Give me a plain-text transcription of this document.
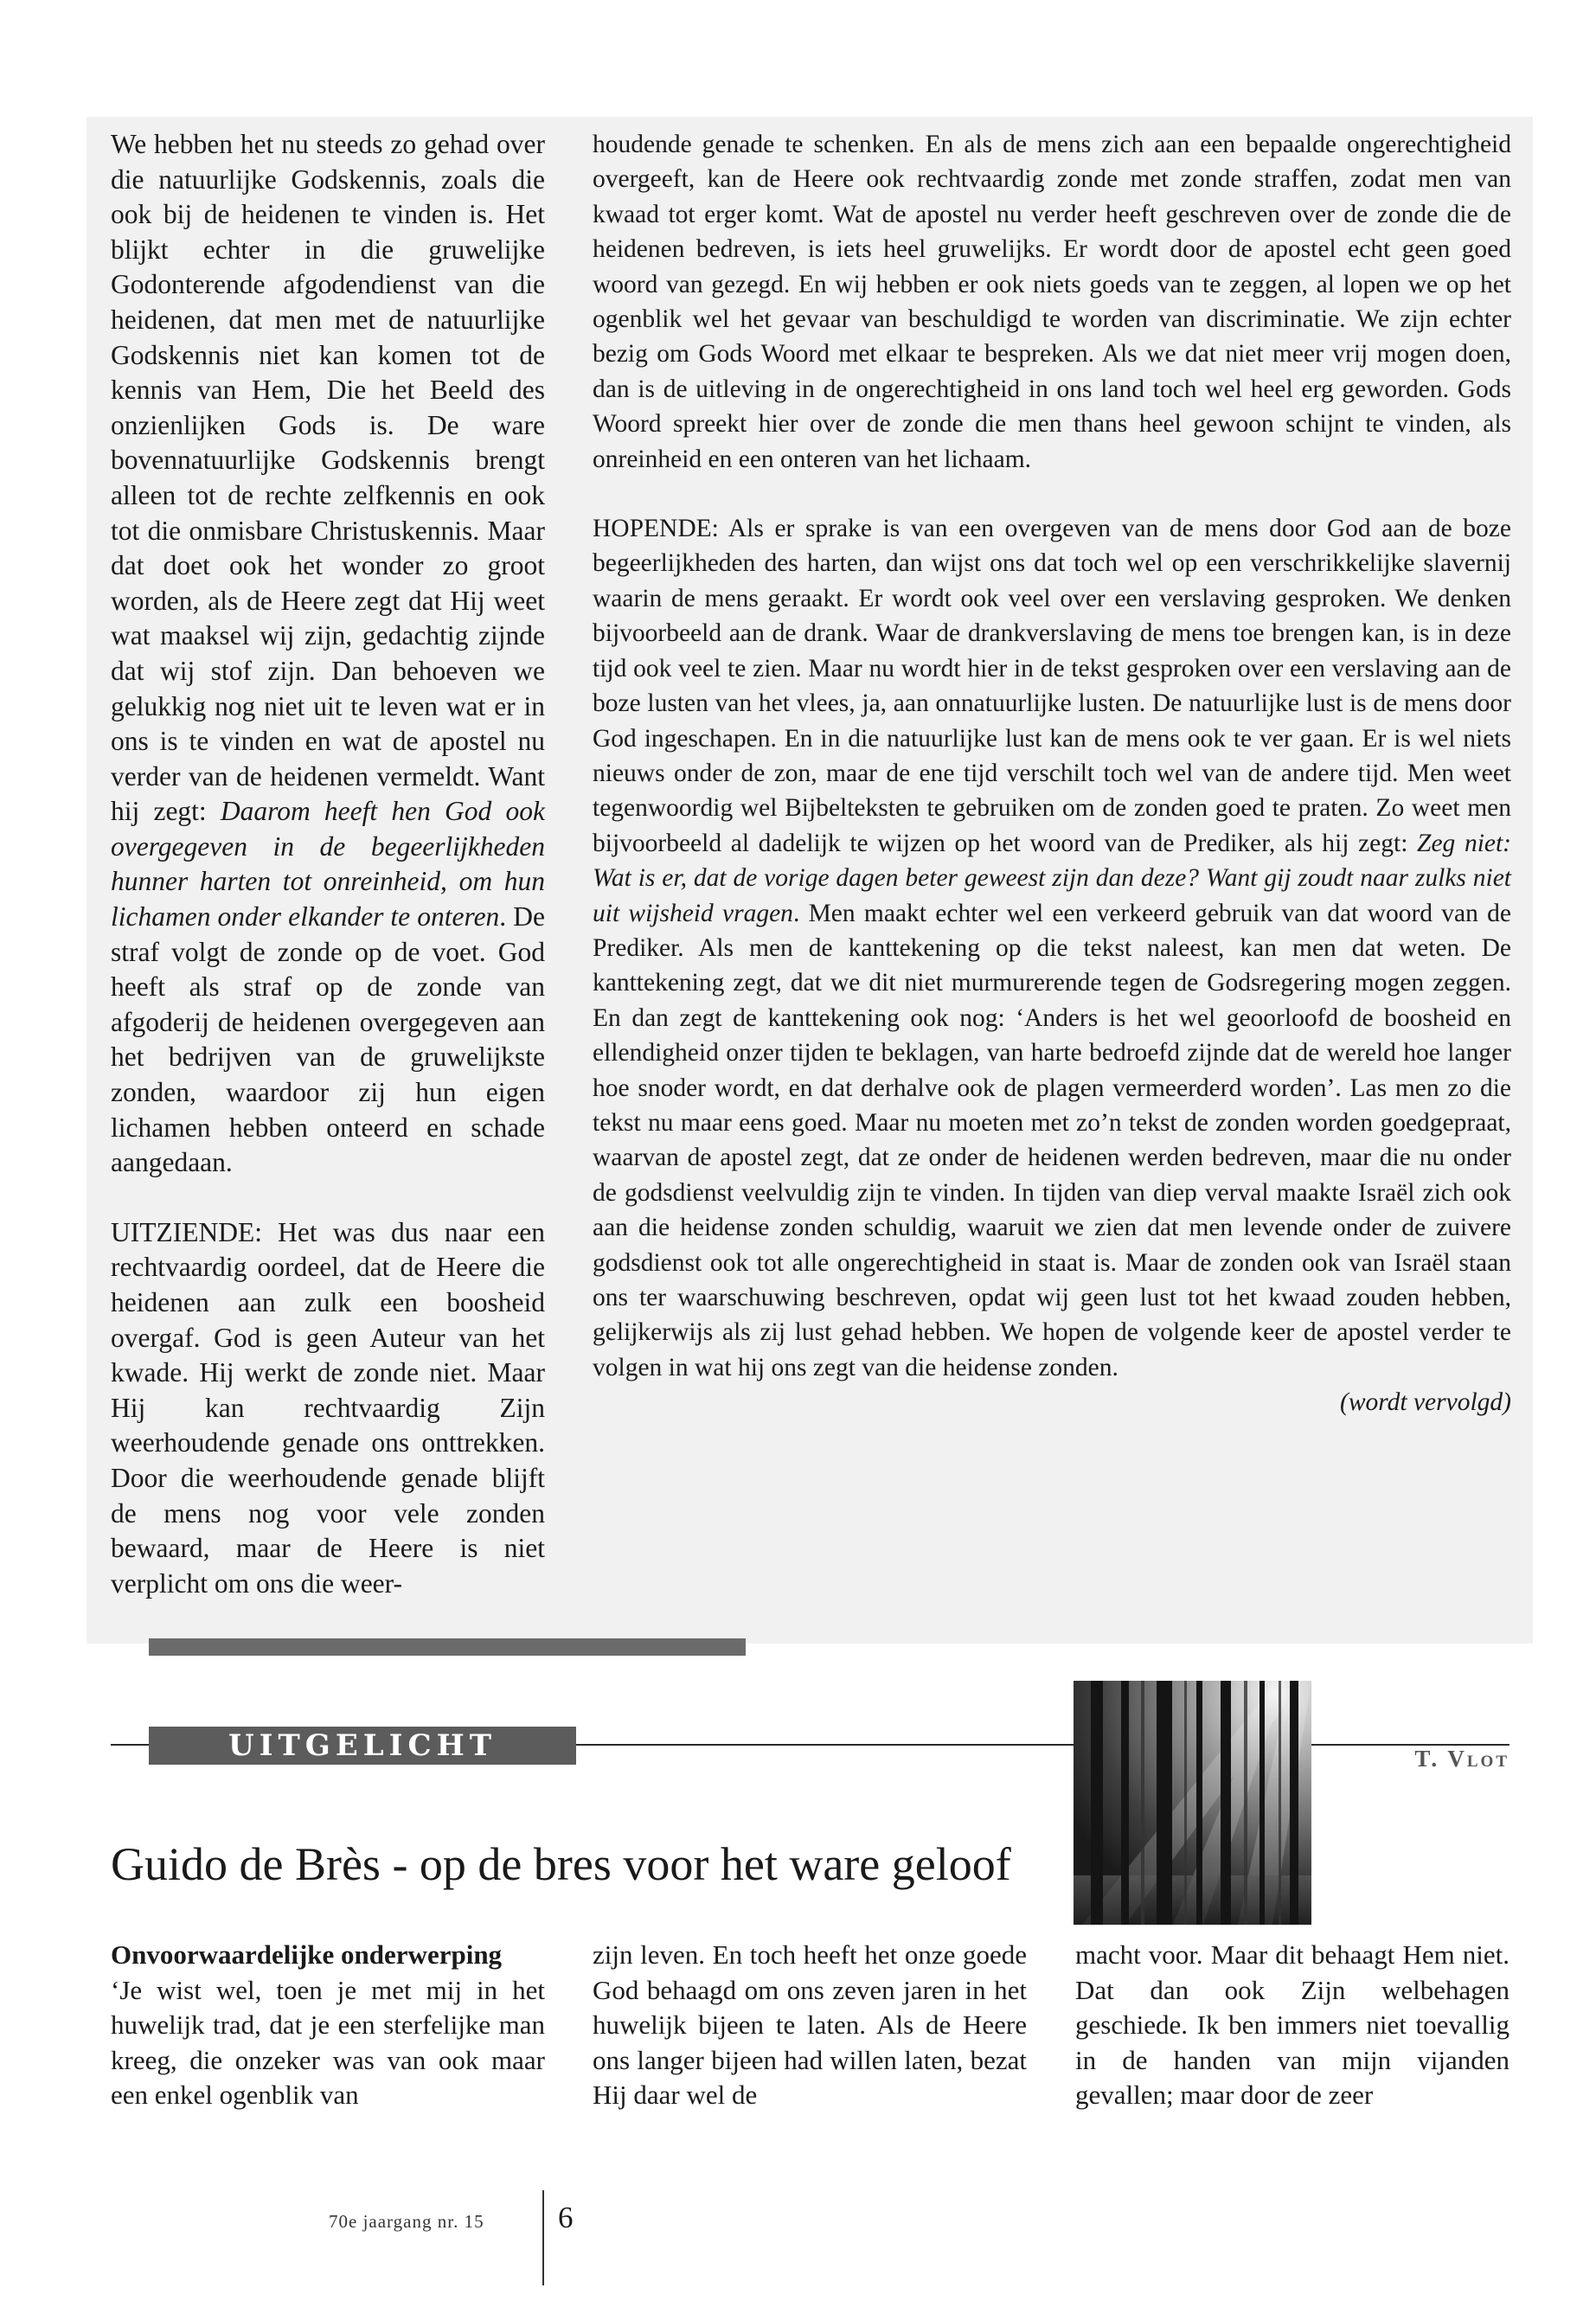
We hebben het nu steeds zo gehad over die natuurlijke Godskennis, zoals die ook bij de heidenen te vinden is. Het blijkt echter in die gruwelijke Godonterende afgodendienst van die heidenen, dat men met de natuurlijke Godskennis niet kan komen tot de kennis van Hem, Die het Beeld des onzienlijken Gods is. De ware bovennatuurlijke Godskennis brengt alleen tot de rechte zelfkennis en ook tot die onmisbare Christuskennis. Maar dat doet ook het wonder zo groot worden, als de Heere zegt dat Hij weet wat maaksel wij zijn, gedachtig zijnde dat wij stof zijn. Dan behoeven we gelukkig nog niet uit te leven wat er in ons is te vinden en wat de apostel nu verder van de heidenen vermeldt. Want hij zegt: Daarom heeft hen God ook overgegeven in de begeerlijkheden hunner harten tot onreinheid, om hun lichamen onder elkander te onteren. De straf volgt de zonde op de voet. God heeft als straf op de zonde van afgoderij de heidenen overgegeven aan het bedrijven van de gruwelijkste zonden, waardoor zij hun eigen lichamen hebben onteerd en schade aangedaan.

UITZIENDE: Het was dus naar een rechtvaardig oordeel, dat de Heere die heidenen aan zulk een boosheid overgaf. God is geen Auteur van het kwade. Hij werkt de zonde niet. Maar Hij kan rechtvaardig Zijn weerhoudende genade ons onttrekken. Door die weerhoudende genade blijft de mens nog voor vele zonden bewaard, maar de Heere is niet verplicht om ons die weer-

houdende genade te schenken. En als de mens zich aan een bepaalde ongerechtigheid overgeeft, kan de Heere ook rechtvaardig zonde met zonde straffen, zodat men van kwaad tot erger komt. Wat de apostel nu verder heeft geschreven over de zonde die de heidenen bedreven, is iets heel gruwelijks. Er wordt door de apostel echt geen goed woord van gezegd. En wij hebben er ook niets goeds van te zeggen, al lopen we op het ogenblik wel het gevaar van beschuldigd te worden van discriminatie. We zijn echter bezig om Gods Woord met elkaar te bespreken. Als we dat niet meer vrij mogen doen, dan is de uitleving in de ongerechtigheid in ons land toch wel heel erg geworden. Gods Woord spreekt hier over de zonde die men thans heel gewoon schijnt te vinden, als onreinheid en een onteren van het lichaam.

HOPENDE: Als er sprake is van een overgeven van de mens door God aan de boze begeerlijkheden des harten, dan wijst ons dat toch wel op een verschrikkelijke slavernij waarin de mens geraakt. Er wordt ook veel over een verslaving gesproken. We denken bijvoorbeeld aan de drank. Waar de drankverslaving de mens toe brengen kan, is in deze tijd ook veel te zien. Maar nu wordt hier in de tekst gesproken over een verslaving aan de boze lusten van het vlees, ja, aan onnatuurlijke lusten. De natuurlijke lust is de mens door God ingeschapen. En in die natuurlijke lust kan de mens ook te ver gaan. Er is wel niets nieuws onder de zon, maar de ene tijd verschilt toch wel van de andere tijd. Men weet tegenwoordig wel Bijbelteksten te gebruiken om de zonden goed te praten. Zo weet men bijvoorbeeld al dadelijk te wijzen op het woord van de Prediker, als hij zegt: Zeg niet: Wat is er, dat de vorige dagen beter geweest zijn dan deze? Want gij zoudt naar zulks niet uit wijsheid vragen. Men maakt echter wel een verkeerd gebruik van dat woord van de Prediker. Als men de kanttekening op die tekst naleest, kan men dat weten. De kanttekening zegt, dat we dit niet murmurerende tegen de Godsregering mogen zeggen. En dan zegt de kanttekening ook nog: ‘Anders is het wel geoorloofd de boosheid en ellendigheid onzer tijden te beklagen, van harte bedroefd zijnde dat de wereld hoe langer hoe snoder wordt, en dat derhalve ook de plagen vermeerderd worden’. Las men zo die tekst nu maar eens goed. Maar nu moeten met zo’n tekst de zonden worden goedgepraat, waarvan de apostel zegt, dat ze onder de heidenen werden bedreven, maar die nu onder de godsdienst veelvuldig zijn te vinden. In tijden van diep verval maakte Israël zich ook aan die heidense zonden schuldig, waaruit we zien dat men levende onder de zuivere godsdienst ook tot alle ongerechtigheid in staat is. Maar de zonden ook van Israël staan ons ter waarschuwing beschreven, opdat wij geen lust tot het kwaad zouden hebben, gelijkerwijs als zij lust gehad hebben. We hopen de volgende keer de apostel verder te volgen in wat hij ons zegt van die heidense zonden.

(wordt vervolgd)

UITGELICHT	T. Vlot
Guido de Brès - op de bres voor het ware geloof

Onvoorwaardelijke onderwerping

‘Je wist wel, toen je met mij in het huwelijk trad, dat je een sterfelijke man kreeg, die onzeker was van ook maar een enkel ogenblik van

zijn leven. En toch heeft het onze goede God behaagd om ons zeven jaren in het huwelijk bijeen te laten. Als de Heere ons langer bijeen had willen laten, bezat Hij daar wel de

macht voor. Maar dit behaagt Hem niet. Dat dan ook Zijn welbehagen geschiede. Ik ben immers niet toevallig in de handen van mijn vijanden gevallen; maar door de zeer

70e jaargang nr. 15 6
